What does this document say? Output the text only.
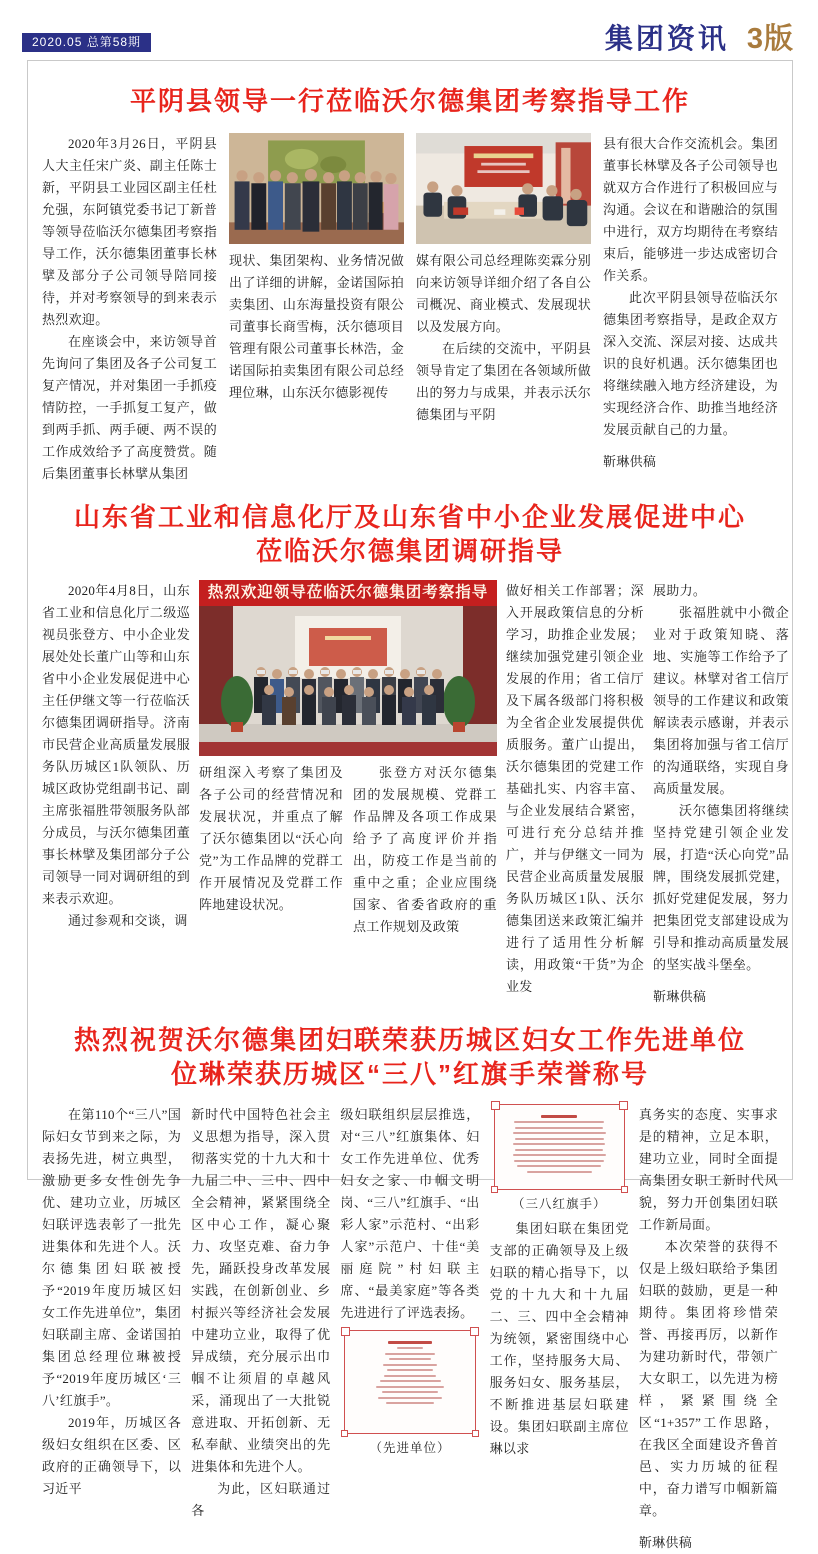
2020.05 总第58期	集团资讯 3版
平阴县领导一行莅临沃尔德集团考察指导工作

2020年3月26日，平阴县人大主任宋广炎、副主任陈士新，平阴县工业园区副主任杜允强，东阿镇党委书记丁新普等领导莅临沃尔德集团考察指导工作，沃尔德集团董事长林擘及部分子公司领导陪同接待，并对考察领导的到来表示热烈欢迎。

在座谈会中，来访领导首先询问了集团及各子公司复工复产情况，并对集团一手抓疫情防控，一手抓复工复产，做到两手抓、两手硬、两不误的工作成效给予了高度赞赏。随后集团董事长林擘从集团

现状、集团架构、业务情况做出了详细的讲解，金诺国际拍卖集团、山东海量投资有限公司董事长商雪梅，沃尔德项目管理有限公司董事长林浩，金诺国际拍卖集团有限公司总经理位琳，山东沃尔德影视传

媒有限公司总经理陈奕霖分别向来访领导详细介绍了各自公司概况、商业模式、发展现状以及发展方向。

在后续的交流中，平阴县领导肯定了集团在各领域所做出的努力与成果，并表示沃尔德集团与平阴

县有很大合作交流机会。集团董事长林擘及各子公司领导也就双方合作进行了积极回应与沟通。会议在和谐融洽的氛围中进行，双方均期待在考察结束后，能够进一步达成密切合作关系。

此次平阴县领导莅临沃尔德集团考察指导，是政企双方深入交流、深层对接、达成共识的良好机遇。沃尔德集团也将继续融入地方经济建设，为实现经济合作、助推当地经济发展贡献自己的力量。

靳琳供稿

山东省工业和信息化厅及山东省中小企业发展促进中心
莅临沃尔德集团调研指导

2020年4月8日，山东省工业和信息化厅二级巡视员张登方、中小企业发展处处长董广山等和山东省中小企业发展促进中心主任伊继文等一行莅临沃尔德集团调研指导。济南市民营企业高质量发展服务队历城区1队领队、历城区政协党组副书记、副主席张福胜带领服务队部分成员，与沃尔德集团董事长林擘及集团部分子公司领导一同对调研组的到来表示欢迎。

通过参观和交谈，调

热烈欢迎领导莅临沃尔德集团考察指导

研组深入考察了集团及各子公司的经营情况和发展状况，并重点了解了沃尔德集团以“沃心向党”为工作品牌的党群工作开展情况及党群工作阵地建设状况。

张登方对沃尔德集团的发展规模、党群工作品牌及各项工作成果给予了高度评价并指出，防疫工作是当前的重中之重；企业应围绕国家、省委省政府的重点工作规划及政策

做好相关工作部署；深入开展政策信息的分析学习，助推企业发展；继续加强党建引领企业发展的作用；省工信厅及下属各级部门将积极为全省企业发展提供优质服务。董广山提出，沃尔德集团的党建工作基础扎实、内容丰富、与企业发展结合紧密，可进行充分总结并推广，并与伊继文一同为民营企业高质量发展服务队历城区1队、沃尔德集团送来政策汇编并进行了适用性分析解读，用政策“干货”为企业发

展助力。

张福胜就中小微企业对于政策知晓、落地、实施等工作给予了建议。林擘对省工信厅领导的工作建议和政策解读表示感谢，并表示集团将加强与省工信厅的沟通联络，实现自身高质量发展。

沃尔德集团将继续坚持党建引领企业发展，打造“沃心向党”品牌，围绕发展抓党建，抓好党建促发展，努力把集团党支部建设成为引导和推动高质量发展的坚实战斗堡垒。

靳琳供稿

热烈祝贺沃尔德集团妇联荣获历城区妇女工作先进单位
位琳荣获历城区“三八”红旗手荣誉称号

在第110个“三八”国际妇女节到来之际，为表扬先进，树立典型，激励更多女性创先争优、建功立业，历城区妇联评选表彰了一批先进集体和先进个人。沃尔德集团妇联被授予“2019年度历城区妇女工作先进单位”，集团妇联副主席、金诺国拍集团总经理位琳被授予“2019年度历城区‘三八’红旗手”。

2019年，历城区各级妇女组织在区委、区政府的正确领导下，以习近平

新时代中国特色社会主义思想为指导，深入贯彻落实党的十九大和十九届二中、三中、四中全会精神，紧紧围绕全区中心工作，凝心聚力、攻坚克难、奋力争先，踊跃投身改革发展实践，在创新创业、乡村振兴等经济社会发展中建功立业，取得了优异成绩，充分展示出巾帼不让须眉的卓越风采，涌现出了一大批锐意进取、开拓创新、无私奉献、业绩突出的先进集体和先进个人。

为此，区妇联通过各

级妇联组织层层推选，对“三八”红旗集体、妇女工作先进单位、优秀妇女之家、巾帼文明岗、“三八”红旗手、“出彩人家”示范村、“出彩人家”示范户、十佳“美丽庭院”村妇联主席、“最美家庭”等各类先进进行了评选表扬。

（先进单位）
（三八红旗手）

集团妇联在集团党支部的正确领导及上级妇联的精心指导下，以党的十九大和十九届二、三、四中全会精神为统领，紧密围绕中心工作，坚持服务大局、服务妇女、服务基层，不断推进基层妇联建设。集团妇联副主席位琳以求

真务实的态度、实事求是的精神，立足本职，建功立业，同时全面提高集团女职工新时代风貌，努力开创集团妇联工作新局面。

本次荣誉的获得不仅是上级妇联给予集团妇联的鼓励，更是一种期待。集团将珍惜荣誉、再接再厉，以新作为建功新时代，带领广大女职工，以先进为榜样，紧紧围绕全区“1+357”工作思路，在我区全面建设齐鲁首邑、实力历城的征程中，奋力谱写巾帼新篇章。

靳琳供稿
